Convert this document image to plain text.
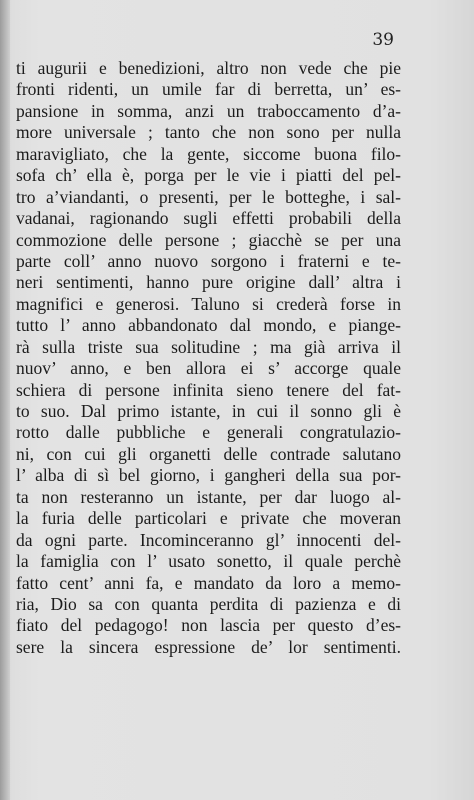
39
ti augurii e benedizioni, altro non vede che pie
fronti ridenti, un umile far di berretta, un’ es-
pansione in somma, anzi un traboccamento d’a-
more universale ; tanto che non sono per nulla
maravigliato, che la gente, siccome buona filo-
sofa ch’ ella è, porga per le vie i piatti del pel-
tro a’viandanti, o presenti, per le botteghe, i sal-
vadanai, ragionando sugli effetti probabili della
commozione delle persone ; giacchè se per una
parte coll’ anno nuovo sorgono i fraterni e te-
neri sentimenti, hanno pure origine dall’ altra i
magnifici e generosi. Taluno si crederà forse in
tutto l’ anno abbandonato dal mondo, e piange-
rà sulla triste sua solitudine ; ma già arriva il
nuov’ anno, e ben allora ei s’ accorge quale
schiera di persone infinita sieno tenere del fat-
to suo. Dal primo istante, in cui il sonno gli è
rotto dalle pubbliche e generali congratulazio-
ni, con cui gli organetti delle contrade salutano
l’ alba di sì bel giorno, i gangheri della sua por-
ta non resteranno un istante, per dar luogo al-
la furia delle particolari e private che moveran
da ogni parte. Incominceranno gl’ innocenti del-
la famiglia con l’ usato sonetto, il quale perchè
fatto cent’ anni fa, e mandato da loro a memo-
ria, Dio sa con quanta perdita di pazienza e di
fiato del pedagogo! non lascia per questo d’es-
sere la sincera espressione de’ lor sentimenti.
